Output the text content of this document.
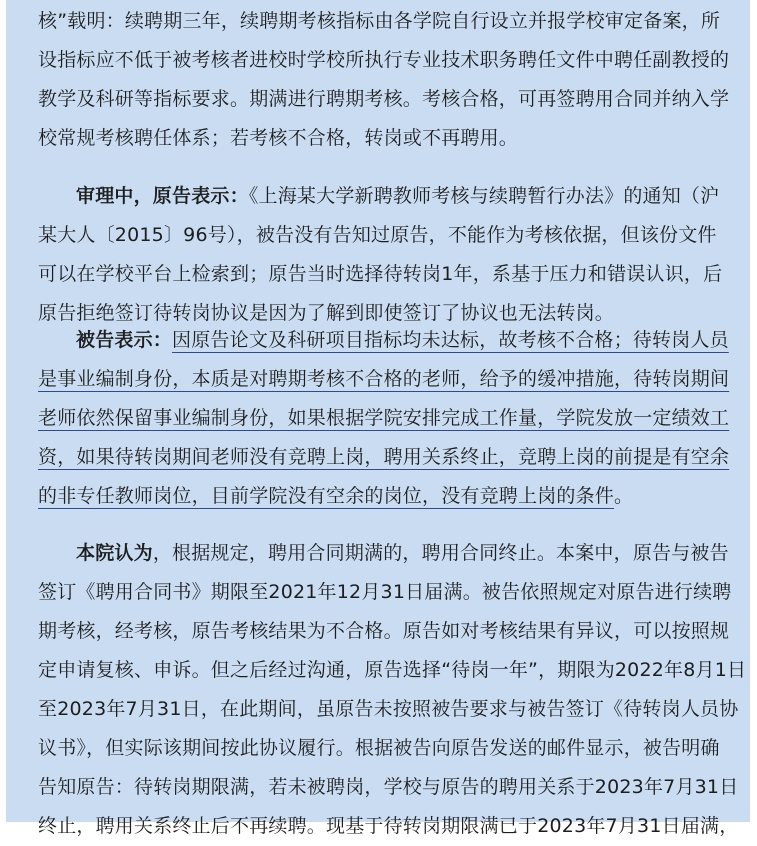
核”载明：续聘期三年，续聘期考核指标由各学院自行设立并报学校审定备案，所
设指标应不低于被考核者进校时学校所执行专业技术职务聘任文件中聘任副教授的
教学及科研等指标要求。期满进行聘期考核。考核合格，可再签聘用合同并纳入学
校常规考核聘任体系；若考核不合格，转岗或不再聘用。
审理中，原告表示：《上海某大学新聘教师考核与续聘暂行办法》的通知（沪
某大人〔2015〕96号），被告没有告知过原告，不能作为考核依据，但该份文件
可以在学校平台上检索到；原告当时选择待转岗1年，系基于压力和错误认识，后
原告拒绝签订待转岗协议是因为了解到即使签订了协议也无法转岗。
被告表示：因原告论文及科研项目指标均未达标，故考核不合格；待转岗人员
是事业编制身份，本质是对聘期考核不合格的老师，给予的缓冲措施，待转岗期间
老师依然保留事业编制身份，如果根据学院安排完成工作量，学院发放一定绩效工
资，如果待转岗期间老师没有竞聘上岗，聘用关系终止，竞聘上岗的前提是有空余
的非专任教师岗位，目前学院没有空余的岗位，没有竞聘上岗的条件。
本院认为，根据规定，聘用合同期满的，聘用合同终止。本案中，原告与被告
签订《聘用合同书》期限至2021年12月31日届满。被告依照规定对原告进行续聘
期考核，经考核，原告考核结果为不合格。原告如对考核结果有异议，可以按照规
定申请复核、申诉。但之后经过沟通，原告选择“待岗一年”，期限为2022年8月1日
至2023年7月31日，在此期间，虽原告未按照被告要求与被告签订《待转岗人员协
议书》，但实际该期间按此协议履行。根据被告向原告发送的邮件显示，被告明确
告知原告：待转岗期限满，若未被聘岗，学校与原告的聘用关系于2023年7月31日
终止，聘用关系终止后不再续聘。现基于待转岗期限满已于2023年7月31日届满，
